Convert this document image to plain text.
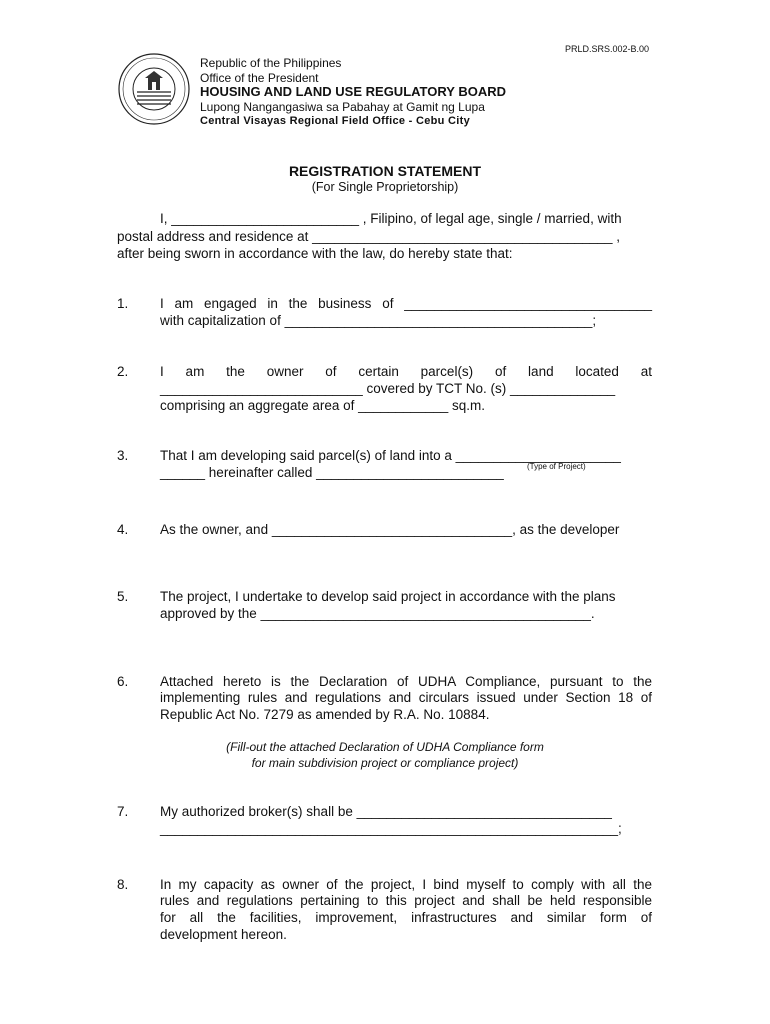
PRLD.SRS.002-B.00
Republic of the Philippines
Office of the President
HOUSING AND LAND USE REGULATORY BOARD
Lupong Nangangasiwa sa Pabahay at Gamit ng Lupa
Central Visayas Regional Field Office - Cebu City
REGISTRATION STATEMENT
(For Single Proprietorship)
I, _________________________ , Filipino, of legal age, single / married, with
postal address and residence at ________________________________________ ,
after being sworn in accordance with the law, do hereby state that:
1. I am engaged in the business of _________________________________
with capitalization of _________________________________________;
2. I am the owner of certain parcel(s) of land located at
___________________________ covered by TCT No. (s) ______________
comprising an aggregate area of ____________ sq.m.
3. That I am developing said parcel(s) of land into a ______________________
(Type of Project)
______ hereinafter called _________________________
4. As the owner, and ________________________________, as the developer
5. The project, I undertake to develop said project in accordance with the plans
approved by the ____________________________________________.
6. Attached hereto is the Declaration of UDHA Compliance, pursuant to the
implementing rules and regulations and circulars issued under Section 18 of
Republic Act No. 7279 as amended by R.A. No. 10884.
(Fill-out the attached Declaration of UDHA Compliance form
for main subdivision project or compliance project)
7. My authorized broker(s) shall be __________________________________
_____________________________________________________________;
8. In my capacity as owner of the project, I bind myself to comply with all the
rules and regulations pertaining to this project and shall be held responsible
for all the facilities, improvement, infrastructures and similar form of
development hereon.
